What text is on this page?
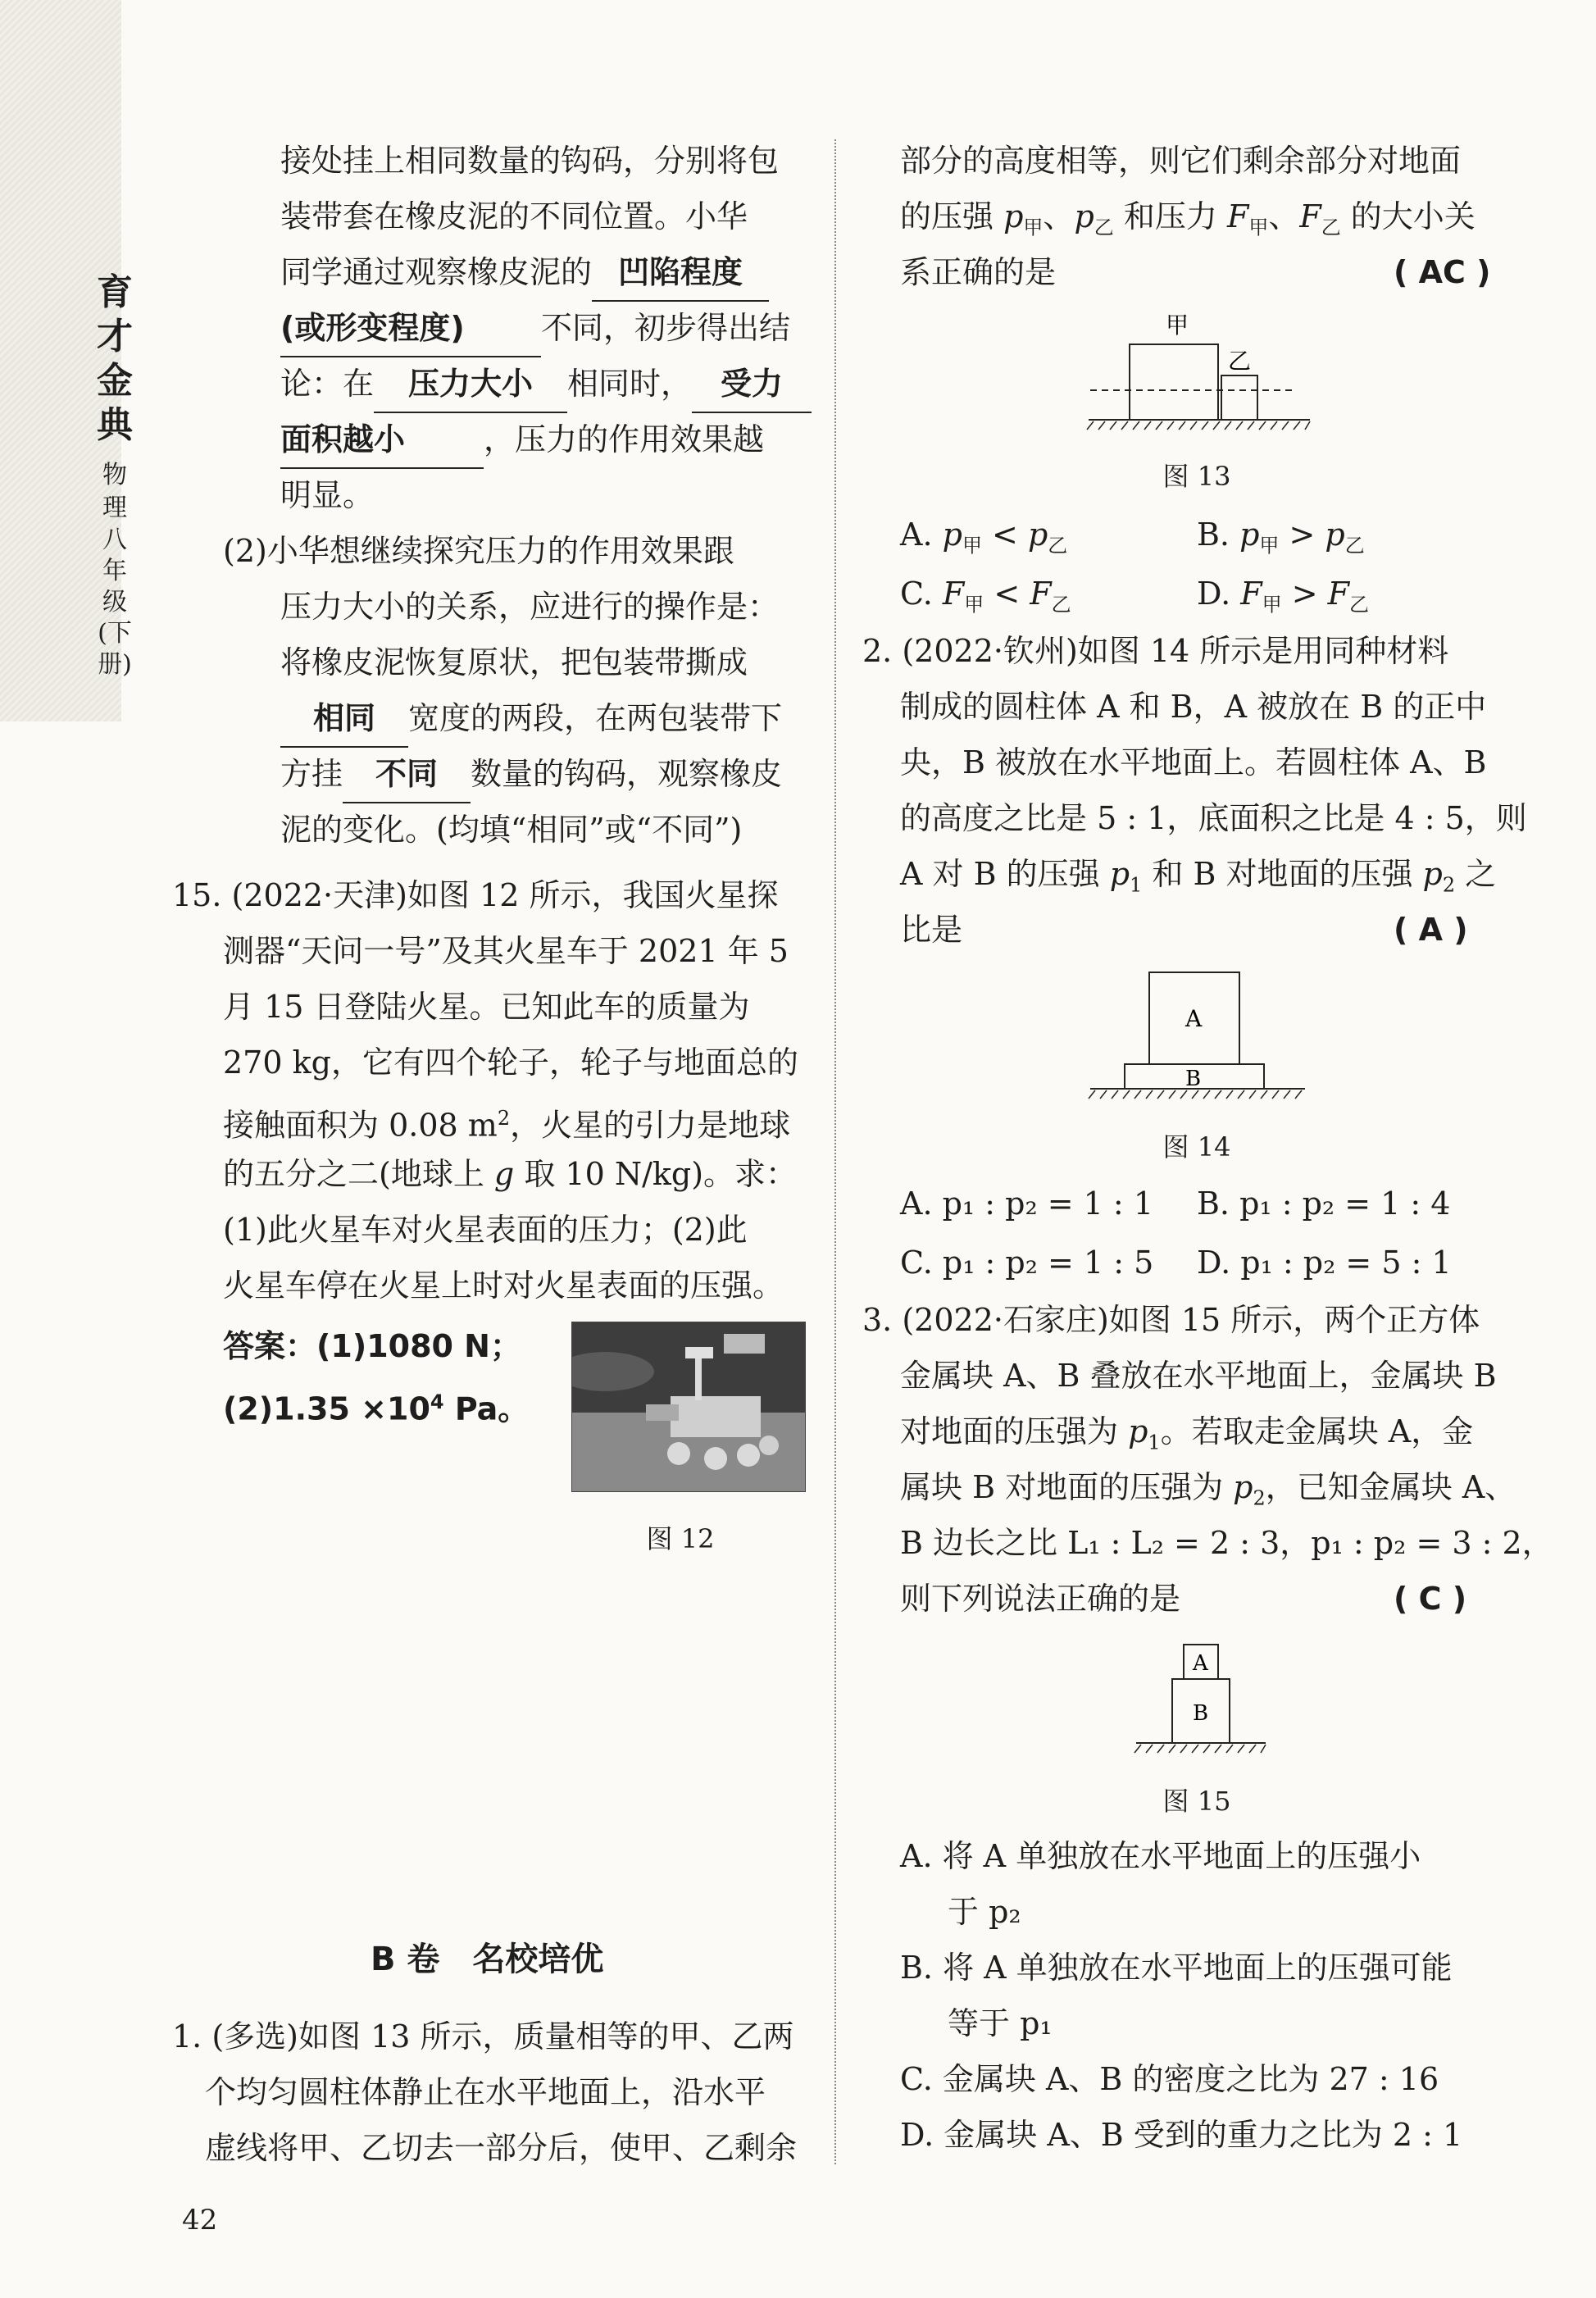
育才金典
物理
八年级(下册)
接处挂上相同数量的钩码，分别将包
装带套在橡皮泥的不同位置。小华
同学通过观察橡皮泥的 凹陷程度
(或形变程度) 不同，初步得出结
论：在 压力大小 相同时， 受力
面积越小	，压力的作用效果越
明显。
(2)小华想继续探究压力的作用效果跟
压力大小的关系，应进行的操作是：
将橡皮泥恢复原状，把包装带撕成
相同 宽度的两段，在两包装带下
方挂 不同 数量的钩码，观察橡皮
泥的变化。(均填“相同”或“不同”)
15. (2022·天津)如图 12 所示，我国火星探
测器“天问一号”及其火星车于 2021 年 5
月 15 日登陆火星。已知此车的质量为
270 kg，它有四个轮子，轮子与地面总的
接触面积为 0.08 $m^2$，火星的引力是地球
的五分之二(地球上 g 取 10 N/kg)。求：
(1)此火星车对火星表面的压力；(2)此
火星车停在火星上时对火星表面的压强。
答案：(1)1080 N；
$(2)1.35 \times 10^4$ Pa。
图 12
B 卷　名校培优
1. (多选)如图 13 所示，质量相等的甲、乙两
个均匀圆柱体静止在水平地面上，沿水平
虚线将甲、乙切去一部分后，使甲、乙剩余
42
部分的高度相等，则它们剩余部分对地面
的压强 $p_甲$、$p_乙$ 和压力 $F_甲$、$F_乙$ 的大小关
系正确的是	( AC )
甲
乙
图 13
A. $p_甲 < p_乙$	B. $p_甲 > p_乙$
C. $F_甲 < F_乙$	D. $F_甲 > F_乙$
2. (2022·钦州)如图 14 所示是用同种材料
制成的圆柱体 A 和 B，A 被放在 B 的正中
央，B 被放在水平地面上。若圆柱体 A、B
的高度之比是 5 : 1，底面积之比是 4 : 5，则
A 对 B 的压强 $p_1$ 和 B 对地面的压强 $p_2$ 之
比是	( A )
A
B
图 14
A. p₁ : p₂ = 1 : 1 B. p₁ : p₂ = 1 : 4
C. p₁ : p₂ = 1 : 5 D. p₁ : p₂ = 5 : 1
3. (2022·石家庄)如图 15 所示，两个正方体
金属块 A、B 叠放在水平地面上，金属块 B
对地面的压强为 $p_1$。若取走金属块 A，金
属块 B 对地面的压强为 $p_2$，已知金属块 A、
B 边长之比 L₁ : L₂ = 2 : 3，p₁ : p₂ = 3 : 2，
则下列说法正确的是	( C )
A
B
图 15
A. 将 A 单独放在水平地面上的压强小
于 p₂
B. 将 A 单独放在水平地面上的压强可能
等于 p₁
C. 金属块 A、B 的密度之比为 27 : 16
D. 金属块 A、B 受到的重力之比为 2 : 1
